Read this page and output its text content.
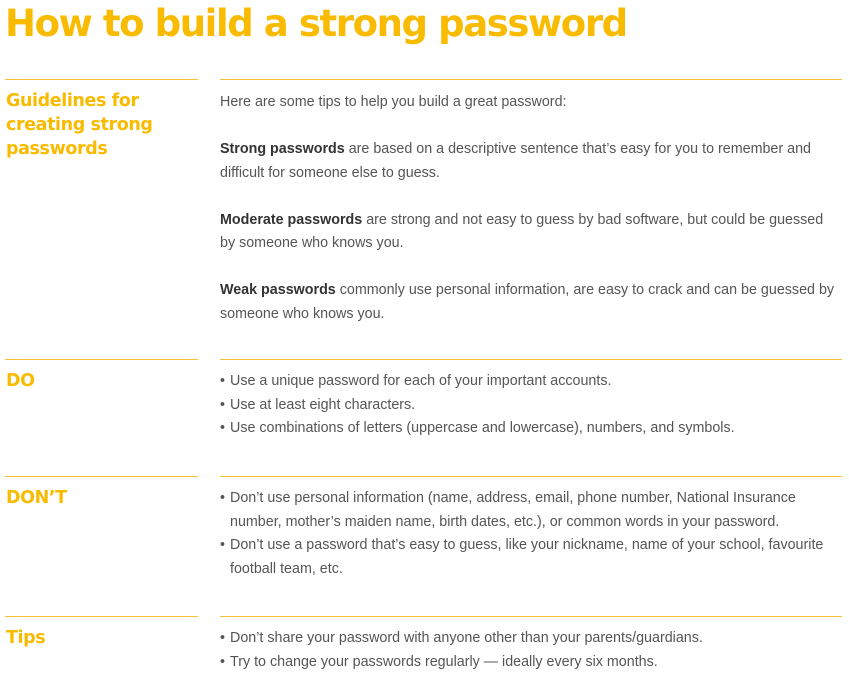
How to build a strong password
Guidelines for creating strong passwords

Here are some tips to help you build a great password:

Strong passwords are based on a descriptive sentence that’s easy for you to remember and difficult for someone else to guess.

Moderate passwords are strong and not easy to guess by bad software, but could be guessed by someone who knows you.

Weak passwords commonly use personal information, are easy to crack and can be guessed by someone who knows you.

DO	• Use a unique password for each of your important accounts.
• Use at least eight characters.
• Use combinations of letters (uppercase and lowercase), numbers, and symbols.
DON’T	• Don’t use personal information (name, address, email, phone number, National Insurance number, mother’s maiden name, birth dates, etc.), or common words in your password.
• Don’t use a password that’s easy to guess, like your nickname, name of your school, favourite football team, etc.
Tips	• Don’t share your password with anyone other than your parents/guardians.
• Try to change your passwords regularly — ideally every six months.
